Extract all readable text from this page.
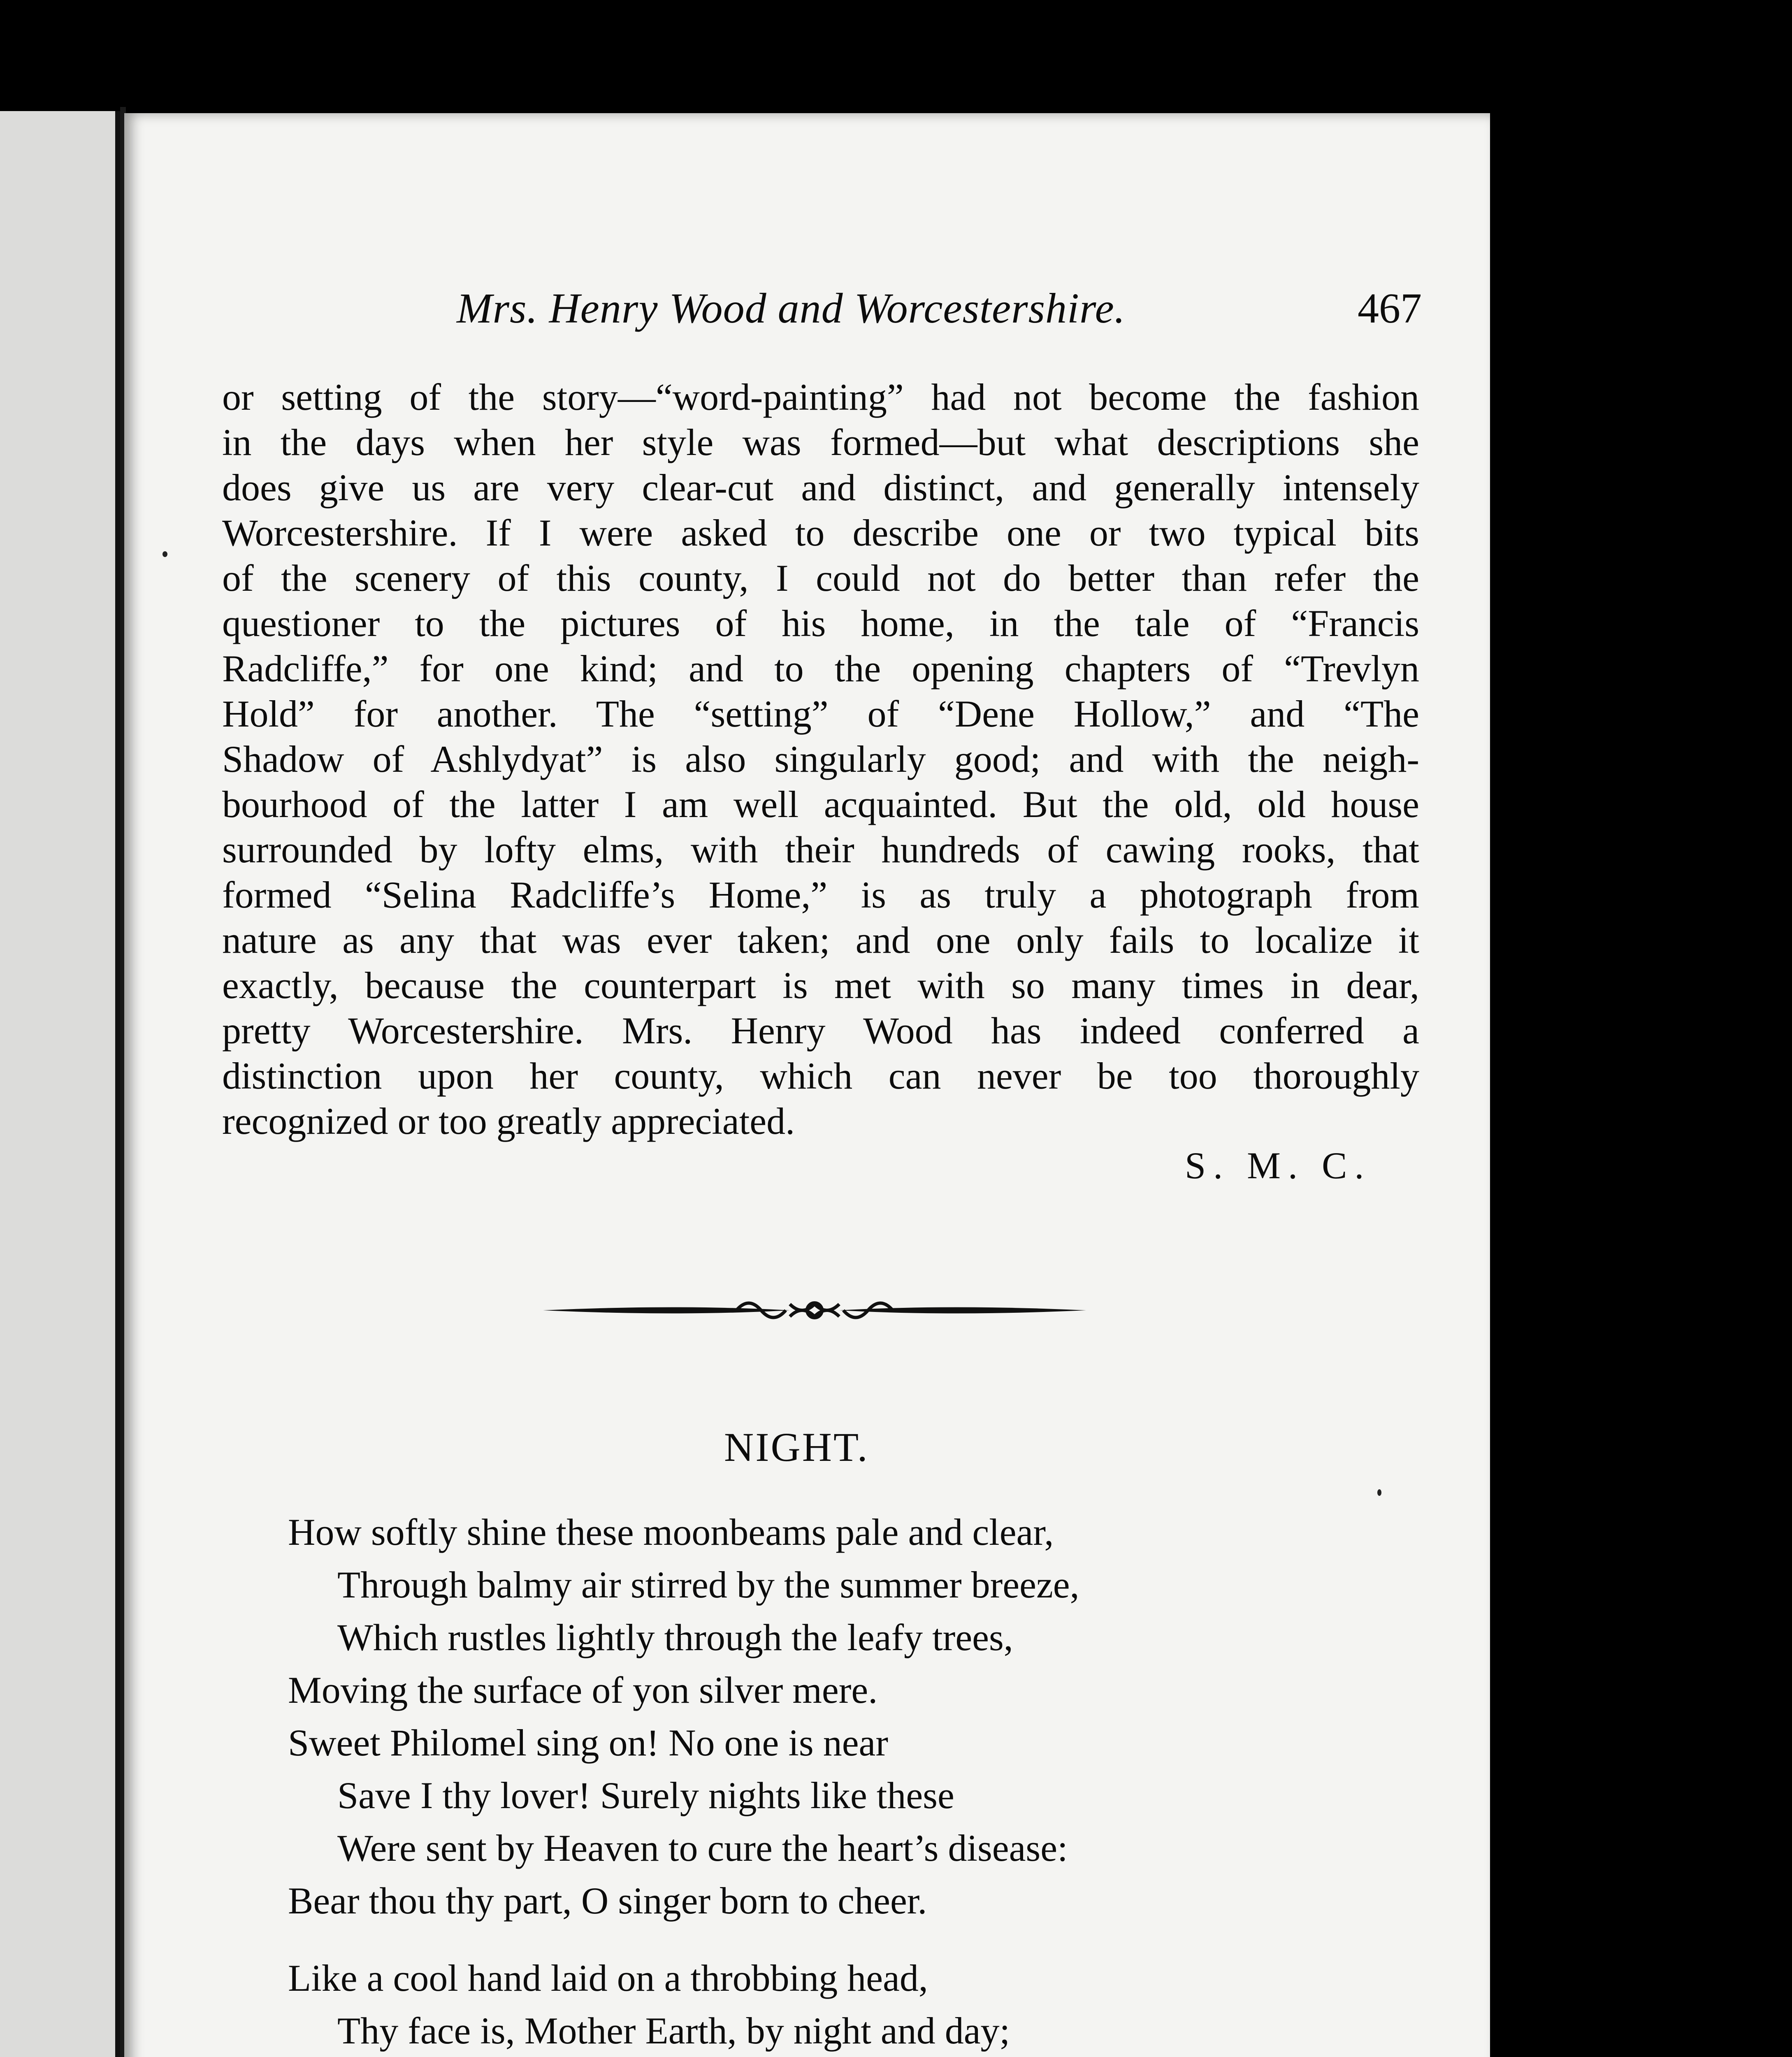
Mrs. Henry Wood and Worcestershire.	467
or setting of the story—“word-painting” had not become the fashion
in the days when her style was formed—but what descriptions she
does give us are very clear-cut and distinct, and generally intensely
Worcestershire. If I were asked to describe one or two typical bits
of the scenery of this county, I could not do better than refer the
questioner to the pictures of his home, in the tale of “Francis
Radcliffe,” for one kind; and to the opening chapters of “Trevlyn
Hold” for another. The “setting” of “Dene Hollow,” and “The
Shadow of Ashlydyat” is also singularly good; and with the neigh-
bourhood of the latter I am well acquainted. But the old, old house
surrounded by lofty elms, with their hundreds of cawing rooks, that
formed “Selina Radcliffe’s Home,” is as truly a photograph from
nature as any that was ever taken; and one only fails to localize it
exactly, because the counterpart is met with so many times in dear,
pretty Worcestershire. Mrs. Henry Wood has indeed conferred a
distinction upon her county, which can never be too thoroughly
recognized or too greatly appreciated.
S. M. C.
NIGHT.
How softly shine these moonbeams pale and clear,
Through balmy air stirred by the summer breeze,
Which rustles lightly through the leafy trees,
Moving the surface of yon silver mere.
Sweet Philomel sing on! No one is near
Save I thy lover! Surely nights like these
Were sent by Heaven to cure the heart’s disease:
Bear thou thy part, O singer born to cheer.
Like a cool hand laid on a throbbing head,
Thy face is, Mother Earth, by night and day;
